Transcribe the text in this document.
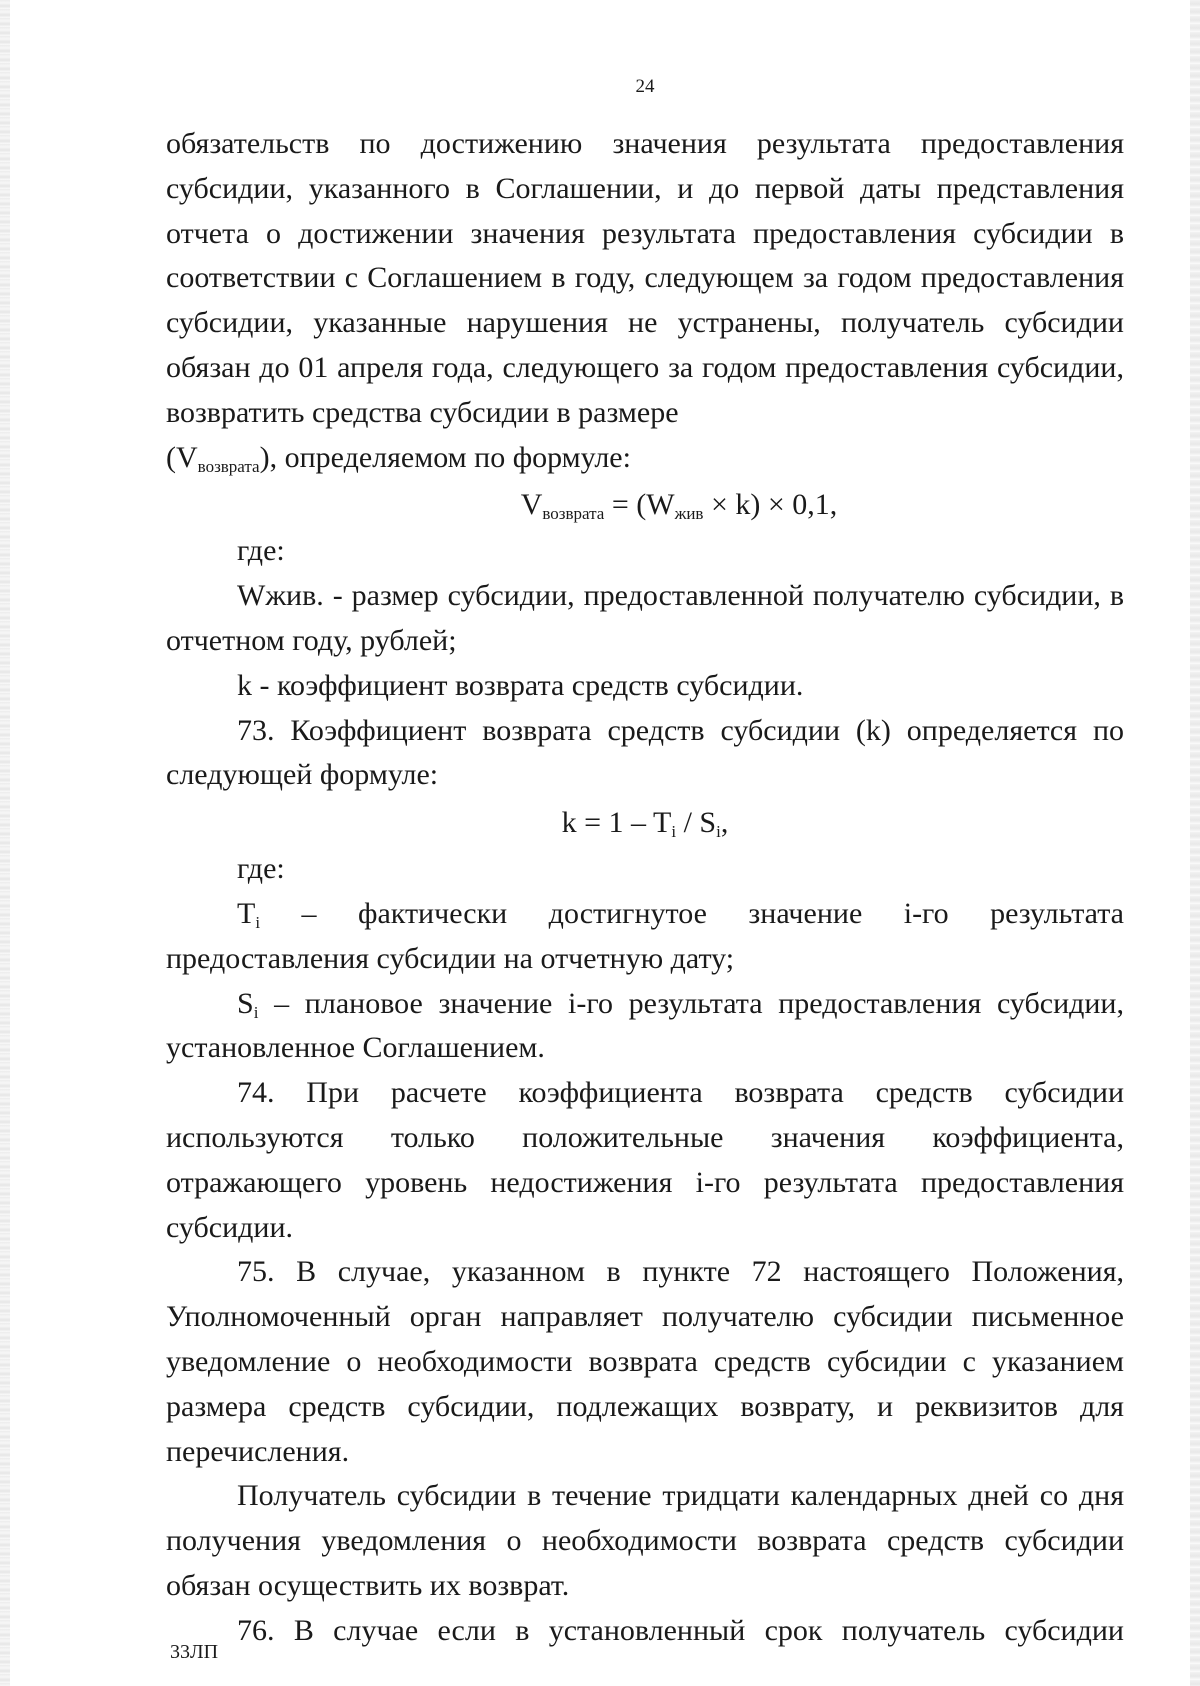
24

обязательств по достижению значения результата предоставления субсидии, указанного в Соглашении, и до первой даты представления отчета о достижении значения результата предоставления субсидии в соответствии с Соглашением в году, следующем за годом предоставления субсидии, указанные нарушения не устранены, получатель субсидии обязан до 01 апреля года, следующего за годом предоставления субсидии, возвратить средства субсидии в размере

$(V_{возврата})$, определяемом по формуле:

$V_{возврата} = (W_{жив} \times k) \times 0,1$,

где:

Wжив. - размер субсидии, предоставленной получателю субсидии, в отчетном году, рублей;

k - коэффициент возврата средств субсидии.

73. Коэффициент возврата средств субсидии (k) определяется по следующей формуле:

$k = 1 - T_i / S_i$,

где:

$T_i$ – фактически достигнутое значение i-го результата предоставления субсидии на отчетную дату;

$S_i$ – плановое значение i-го результата предоставления субсидии, установленное Соглашением.

74. При расчете коэффициента возврата средств субсидии используются только положительные значения коэффициента, отражающего уровень недостижения i-го результата предоставления субсидии.

75. В случае, указанном в пункте 72 настоящего Положения, Уполномоченный орган направляет получателю субсидии письменное уведомление о необходимости возврата средств субсидии с указанием размера средств субсидии, подлежащих возврату, и реквизитов для перечисления.

Получатель субсидии в течение тридцати календарных дней со дня получения уведомления о необходимости возврата средств субсидии обязан осуществить их возврат.

76. В случае если в установленный срок получатель субсидии

33ЛП
